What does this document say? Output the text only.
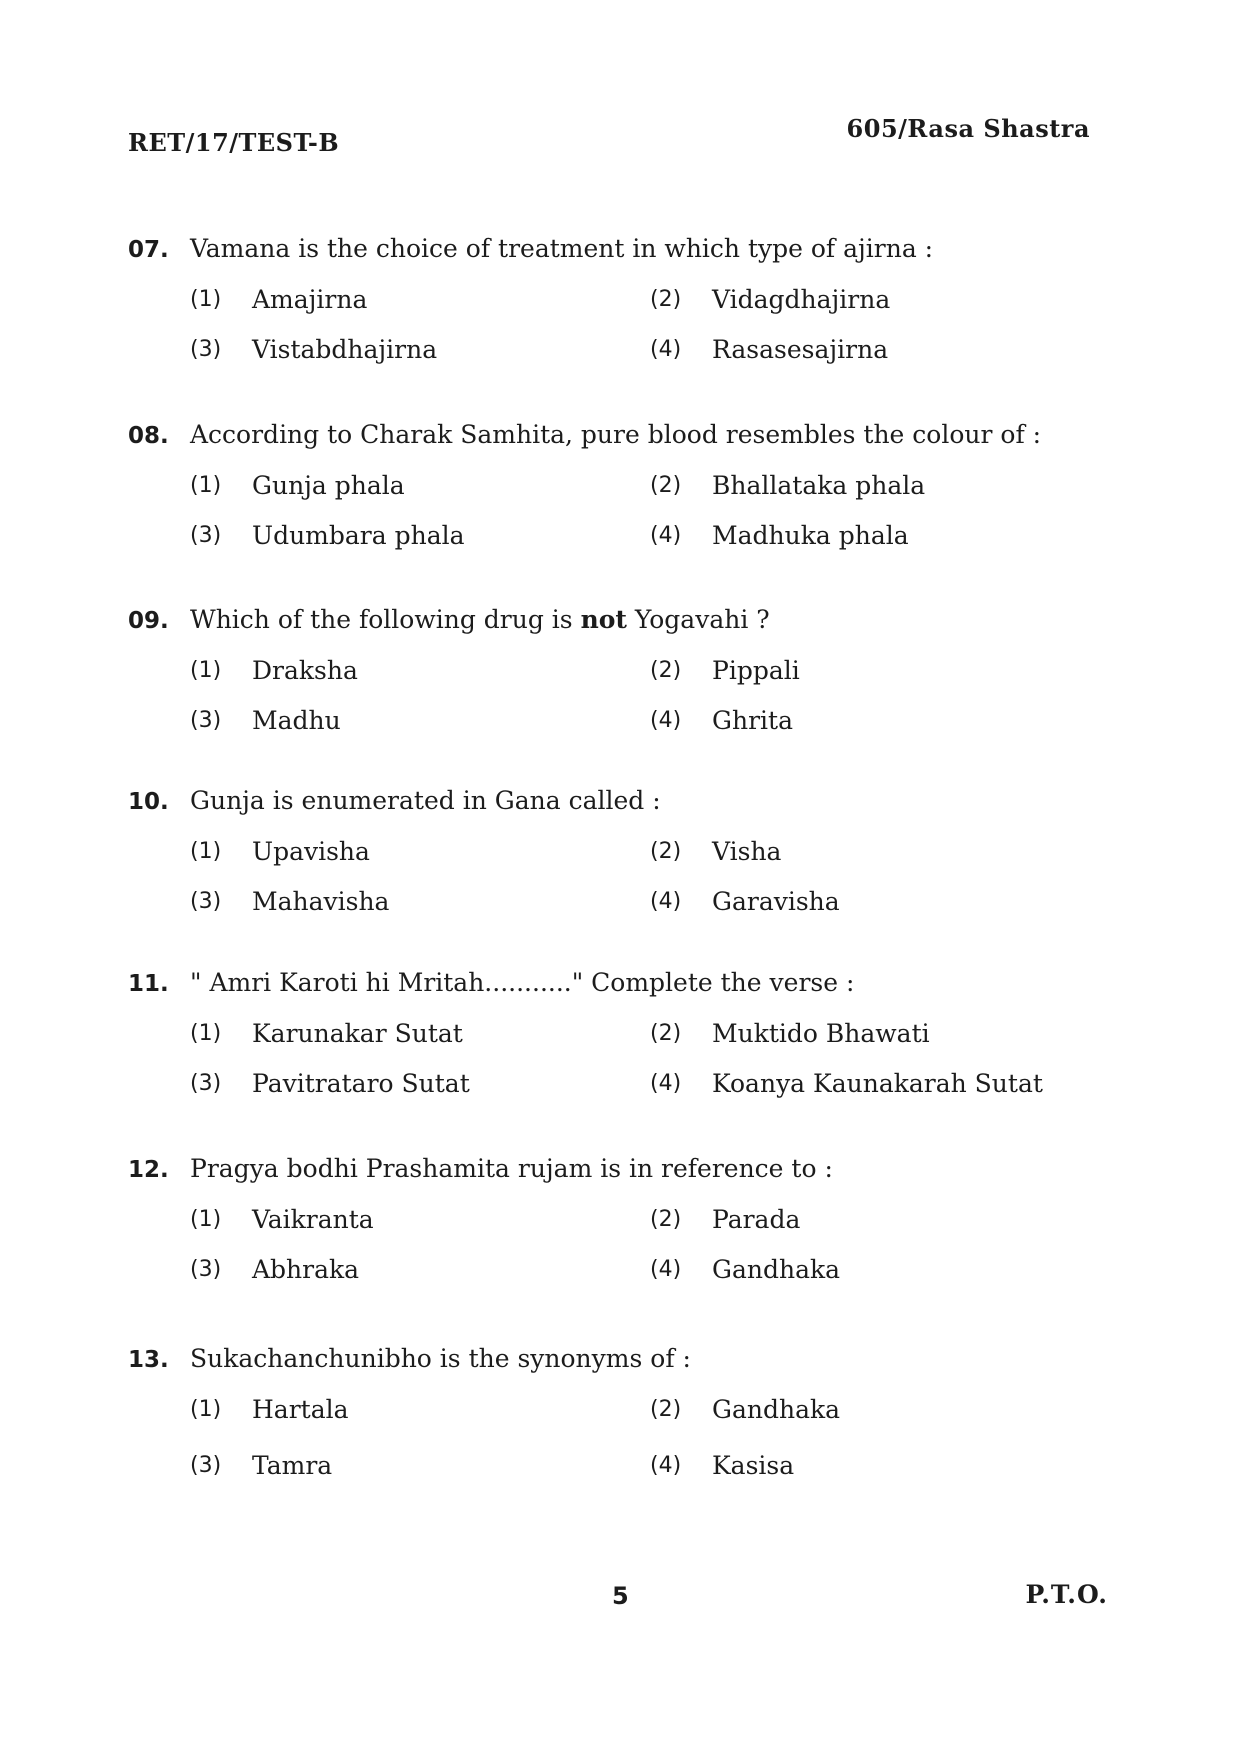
RET/17/TEST-B	605/Rasa Shastra
07. Vamana is the choice of treatment in which type of ajirna :
(1)	Amajirna	(2)	Vidagdhajirna
(3)	Vistabdhajirna	(4)	Rasasesajirna
08. According to Charak Samhita, pure blood resembles the colour of :
(1)	Gunja phala	(2)	Bhallataka phala
(3)	Udumbara phala	(4)	Madhuka phala
09. Which of the following drug is not Yogavahi ?
(1)	Draksha	(2)	Pippali
(3)	Madhu	(4)	Ghrita
10. Gunja is enumerated in Gana called :
(1)	Upavisha	(2)	Visha
(3)	Mahavisha	(4)	Garavisha
11. " Amri Karoti hi Mritah..........." Complete the verse :
(1)	Karunakar Sutat	(2)	Muktido Bhawati
(3)	Pavitrataro Sutat	(4)	Koanya Kaunakarah Sutat
12. Pragya bodhi Prashamita rujam is in reference to :
(1)	Vaikranta	(2)	Parada
(3)	Abhraka	(4)	Gandhaka
13. Sukachanchunibho is the synonyms of :
(1)	Hartala	(2)	Gandhaka
(3)	Tamra	(4)	Kasisa
5	P.T.O.
